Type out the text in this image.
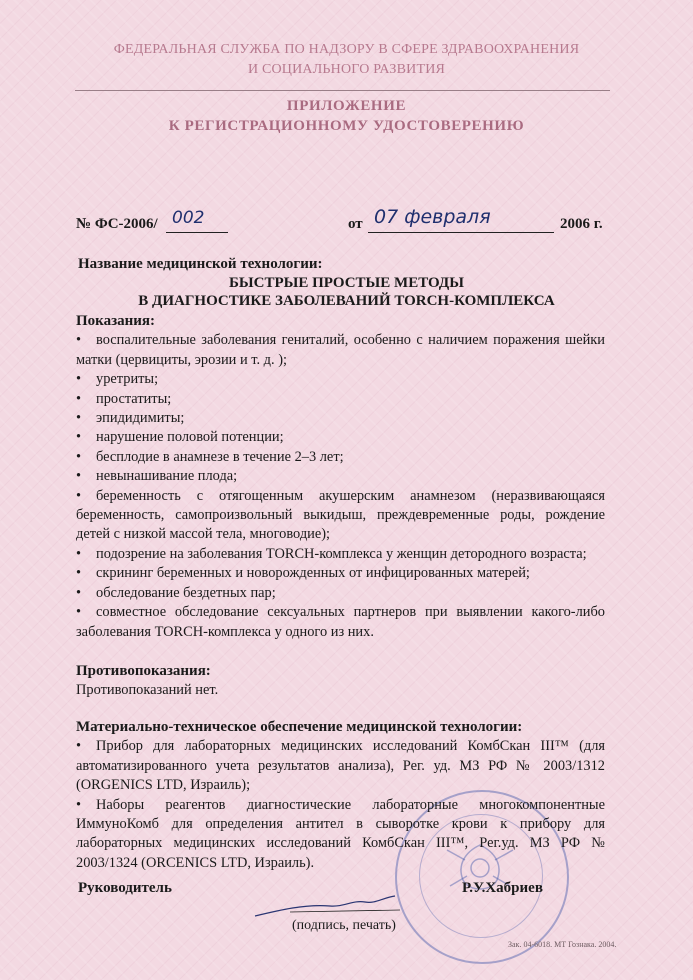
ФЕДЕРАЛЬНАЯ СЛУЖБА ПО НАДЗОРУ В СФЕРЕ ЗДРАВООХРАНЕНИЯ
И СОЦИАЛЬНОГО РАЗВИТИЯ
ПРИЛОЖЕНИЕ
К РЕГИСТРАЦИОННОМУ УДОСТОВЕРЕНИЮ
№ ФС-2006/ 002	от 07 февраля	2006 г.
Название медицинской технологии:
БЫСТРЫЕ ПРОСТЫЕ МЕТОДЫ
В ДИАГНОСТИКЕ ЗАБОЛЕВАНИЙ TORCH-КОМПЛЕКСА
Показания:

• воспалительные заболевания гениталий, особенно с наличием поражения шейки матки (цервициты, эрозии и т. д. );

• уретриты;

• простатиты;

• эпидидимиты;

• нарушение половой потенции;

• бесплодие в анамнезе в течение 2–3 лет;

• невынашивание плода;

• беременность с отягощенным акушерским анамнезом (неразвивающаяся беременность, самопроизвольный выкидыш, преждевременные роды, рождение детей с низкой массой тела, многоводие);

• подозрение на заболевания TORCH-комплекса у женщин детородного возраста;

• скрининг беременных и новорожденных от инфицированных матерей;

• обследование бездетных пар;

• совместное обследование сексуальных партнеров при выявлении какого-либо заболевания TORCH-комплекса у одного из них.

Противопоказания:
Противопоказаний нет.
Материально-техническое обеспечение медицинской технологии:

• Прибор для лабораторных медицинских исследований КомбСкан III™ (для автоматизированного учета результатов анализа), Рег. уд. МЗ РФ № 2003/1312 (ORGENICS LTD, Израиль);

• Наборы реагентов диагностические лабораторные многокомпонентные ИммуноКомб для определения антител в сыворотке крови к прибору для лабораторных медицинских исследований КомбСкан III™, Рег.уд. МЗ РФ № 2003/1324 (ORCENICS LTD, Израиль).

Руководитель	Р.У.Хабриев
(подпись, печать)
Зак. 04-6018. МТ Гознака. 2004.
